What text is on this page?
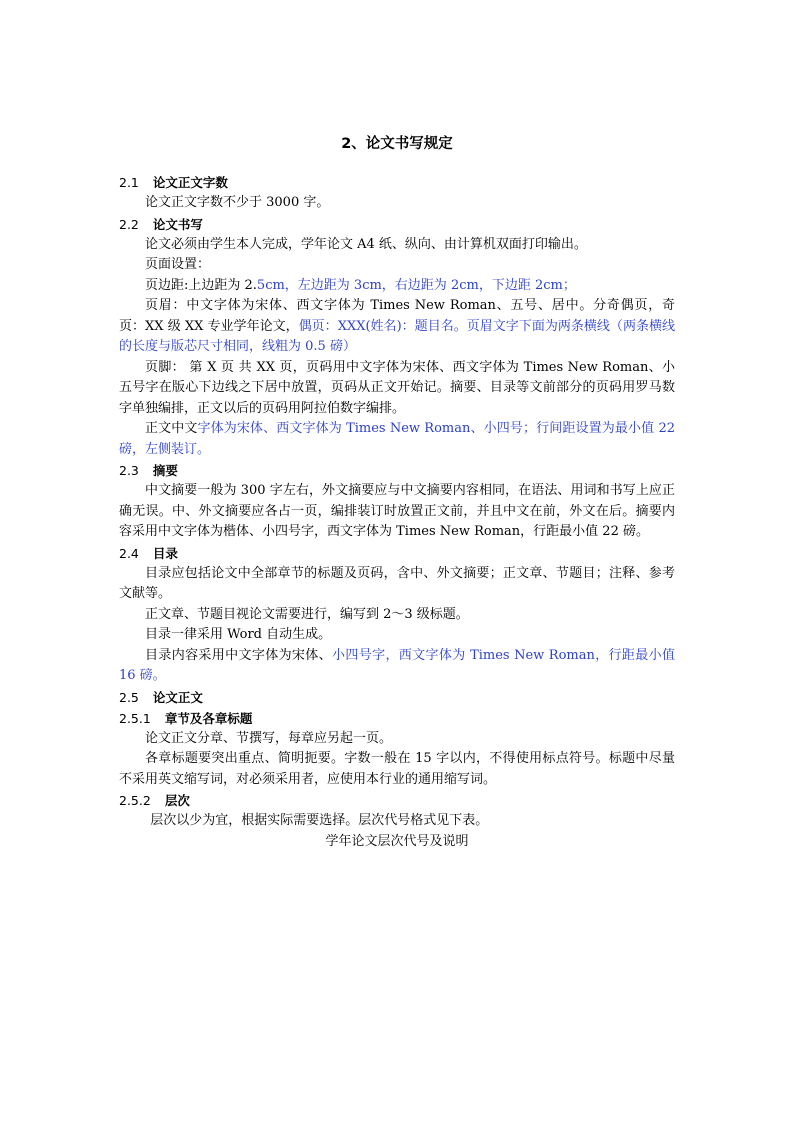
2、论文书写规定
2.1 论文正文字数

论文正文字数不少于 3000 字。

2.2 论文书写

论文必须由学生本人完成，学年论文 A4 纸、纵向、由计算机双面打印输出。

页面设置：

页边距:上边距为 2.5cm，左边距为 3cm，右边距为 2cm，下边距 2cm；

页眉：中文字体为宋体、西文字体为 Times New Roman、五号、居中。分奇偶页，奇页：XX 级 XX 专业学年论文，偶页：XXX(姓名)：题目名。页眉文字下面为两条横线（两条横线的长度与版芯尺寸相同，线粗为 0.5 磅）

页脚： 第 X 页 共 XX 页，页码用中文字体为宋体、西文字体为 Times New Roman、小五号字在版心下边线之下居中放置，页码从正文开始记。摘要、目录等文前部分的页码用罗马数字单独编排，正文以后的页码用阿拉伯数字编排。

正文中文字体为宋体、西文字体为 Times New Roman、小四号；行间距设置为最小值 22 磅，左侧装订。

2.3 摘要

中文摘要一般为 300 字左右，外文摘要应与中文摘要内容相同，在语法、用词和书写上应正确无误。中、外文摘要应各占一页，编排装订时放置正文前，并且中文在前，外文在后。摘要内容采用中文字体为楷体、小四号字，西文字体为 Times New Roman，行距最小值 22 磅。

2.4 目录

目录应包括论文中全部章节的标题及页码，含中、外文摘要；正文章、节题目；注释、参考文献等。

正文章、节题目视论文需要进行，编写到 2～3 级标题。

目录一律采用 Word 自动生成。

目录内容采用中文字体为宋体、小四号字，西文字体为 Times New Roman，行距最小值 16 磅。

2.5 论文正文
2.5.1 章节及各章标题

论文正文分章、节撰写，每章应另起一页。

各章标题要突出重点、简明扼要。字数一般在 15 字以内，不得使用标点符号。标题中尽量不采用英文缩写词，对必须采用者，应使用本行业的通用缩写词。

2.5.2 层次

层次以少为宜，根据实际需要选择。层次代号格式见下表。

学年论文层次代号及说明
